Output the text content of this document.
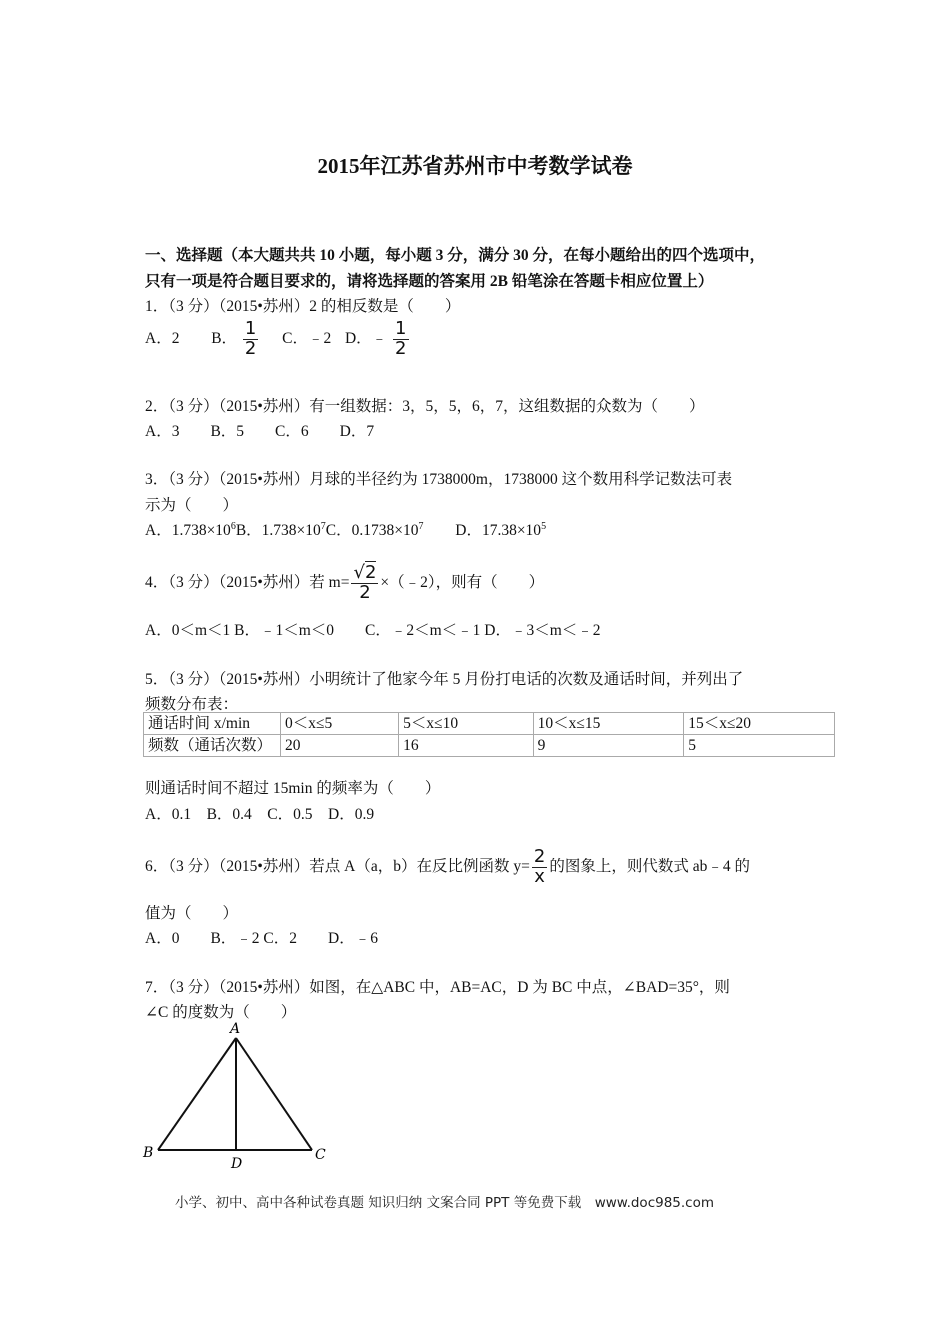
2015年江苏省苏州市中考数学试卷
一、选择题（本大题共共 10 小题，每小题 3 分，满分 30 分，在每小题给出的四个选项中，
只有一项是符合题目要求的，请将选择题的答案用 2B 铅笔涂在答题卡相应位置上）
1．（3 分）（2015•苏州）2 的相反数是（　　）
A．2 B． $\frac{1}{2}$ C．﹣2 D．﹣ $\frac{1}{2}$
2．（3 分）（2015•苏州）有一组数据：3，5，5，6，7，这组数据的众数为（　　）
A．3　　B．5　　C．6　　D．7
3．（3 分）（2015•苏州）月球的半径约为 1738000m，1738000 这个数用科学记数法可表
示为（　　）
A．$1.738\times 10^6B$．$1.738\times 10^7C$．$0.1738\times 10^7$ D．$17.38\times 10^5$
4．（3 分）（2015•苏州）若 $m= \frac{√2}{2}$ ×（﹣2），则有（　　）
A．0＜m＜1 B．﹣1＜m＜0　　C．﹣2＜m＜﹣1 D．﹣3＜m＜﹣2
5．（3 分）（2015•苏州）小明统计了他家今年 5 月份打电话的次数及通话时间，并列出了
频数分布表：
通话时间 x/min	0＜x≤5	5＜x≤10	10＜x≤15	15＜x≤20
频数（通话次数）	20	16	9	5
则通话时间不超过 15min 的频率为（　　）
A．0.1　B．0.4　C．0.5　D．0.9
6．（3 分）（2015•苏州）若点 A（a，b）在反比例函数 $y= \frac{2}{x}$ 的图象上，则代数式 ab﹣4 的
值为（　　）
A．0　　B．﹣2 C．2　　D．﹣6
7．（3 分）（2015•苏州）如图，在△ABC 中，AB=AC，D 为 BC 中点，∠BAD=35°，则
∠C 的度数为（　　）
A
B	C
D
小学、初中、高中各种试卷真题 知识归纳 文案合同 PPT 等免费下载　www.doc985.com
